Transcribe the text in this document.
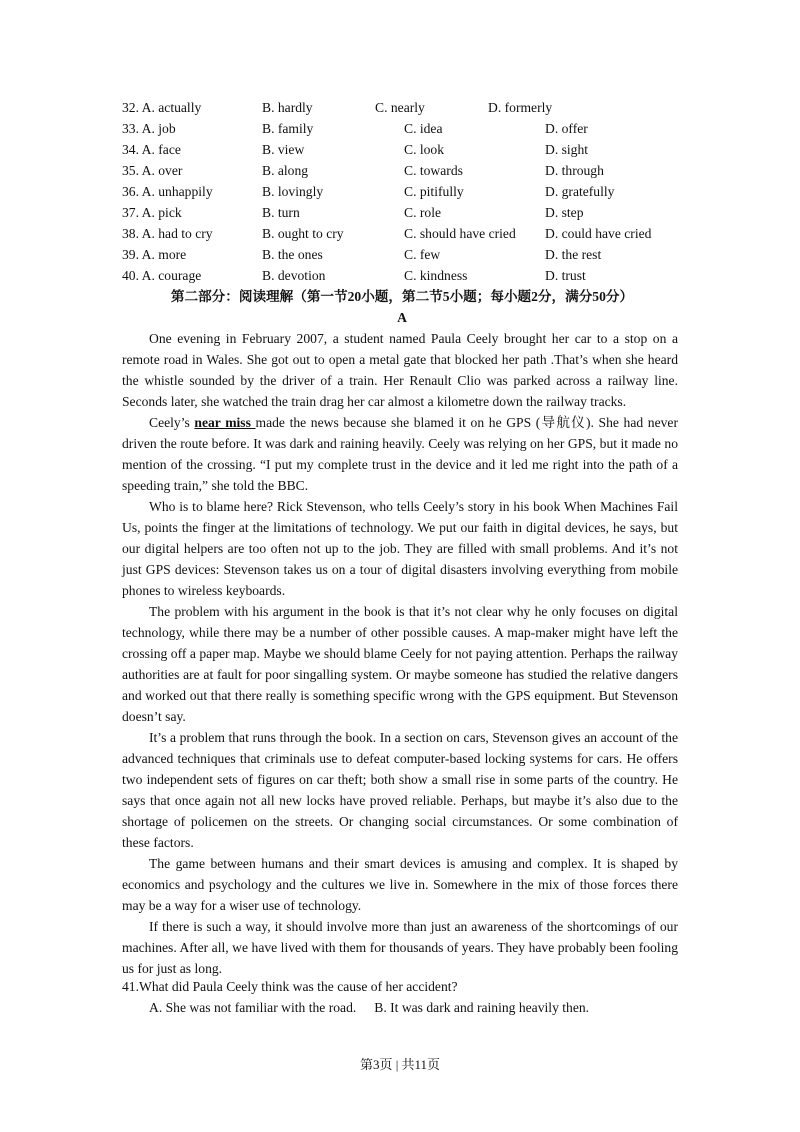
32. A. actually	B. hardly	C. nearly	D. formerly
33. A. job	B. family	C. idea	D. offer
34. A. face	B. view	C. look	D. sight
35. A. over	B. along	C. towards	D. through
36. A. unhappily	B. lovingly	C. pitifully	D. gratefully
37. A. pick	B. turn	C. role	D. step
38. A. had to cry	B. ought to cry	C. should have cried D. could have cried
39. A. more	B. the ones	C. few	D. the rest
40. A. courage	B. devotion	C. kindness	D. trust
第二部分：阅读理解（第一节20小题，第二节5小题；每小题2分，满分50分）
A

One evening in February 2007, a student named Paula Ceely brought her car to a stop on a remote road in Wales. She got out to open a metal gate that blocked her path .That’s when she heard the whistle sounded by the driver of a train. Her Renault Clio was parked across a railway line. Seconds later, she watched the train drag her car almost a kilometre down the railway tracks.

Ceely’s near miss made the news because she blamed it on he GPS (导航仪). She had never driven the route before. It was dark and raining heavily. Ceely was relying on her GPS, but it made no mention of the crossing. “I put my complete trust in the device and it led me right into the path of a speeding train,” she told the BBC.

Who is to blame here? Rick Stevenson, who tells Ceely’s story in his book When Machines Fail Us, points the finger at the limitations of technology. We put our faith in digital devices, he says, but our digital helpers are too often not up to the job. They are filled with small problems. And it’s not just GPS devices: Stevenson takes us on a tour of digital disasters involving everything from mobile phones to wireless keyboards.

The problem with his argument in the book is that it’s not clear why he only focuses on digital technology, while there may be a number of other possible causes. A map-maker might have left the crossing off a paper map. Maybe we should blame Ceely for not paying attention. Perhaps the railway authorities are at fault for poor singalling system. Or maybe someone has studied the relative dangers and worked out that there really is something specific wrong with the GPS equipment. But Stevenson doesn’t say.

It’s a problem that runs through the book. In a section on cars, Stevenson gives an account of the advanced techniques that criminals use to defeat computer-based locking systems for cars. He offers two independent sets of figures on car theft; both show a small rise in some parts of the country. He says that once again not all new locks have proved reliable. Perhaps, but maybe it’s also due to the shortage of policemen on the streets. Or changing social circumstances. Or some combination of these factors.

The game between humans and their smart devices is amusing and complex. It is shaped by economics and psychology and the cultures we live in. Somewhere in the mix of those forces there may be a way for a wiser use of technology.

If there is such a way, it should involve more than just an awareness of the shortcomings of our machines. After all, we have lived with them for thousands of years. They have probably been fooling us for just as long.

41.What did Paula Ceely think was the cause of her accident?

A. She was not familiar with the road. B. It was dark and raining heavily then.

第3页 | 共11页
